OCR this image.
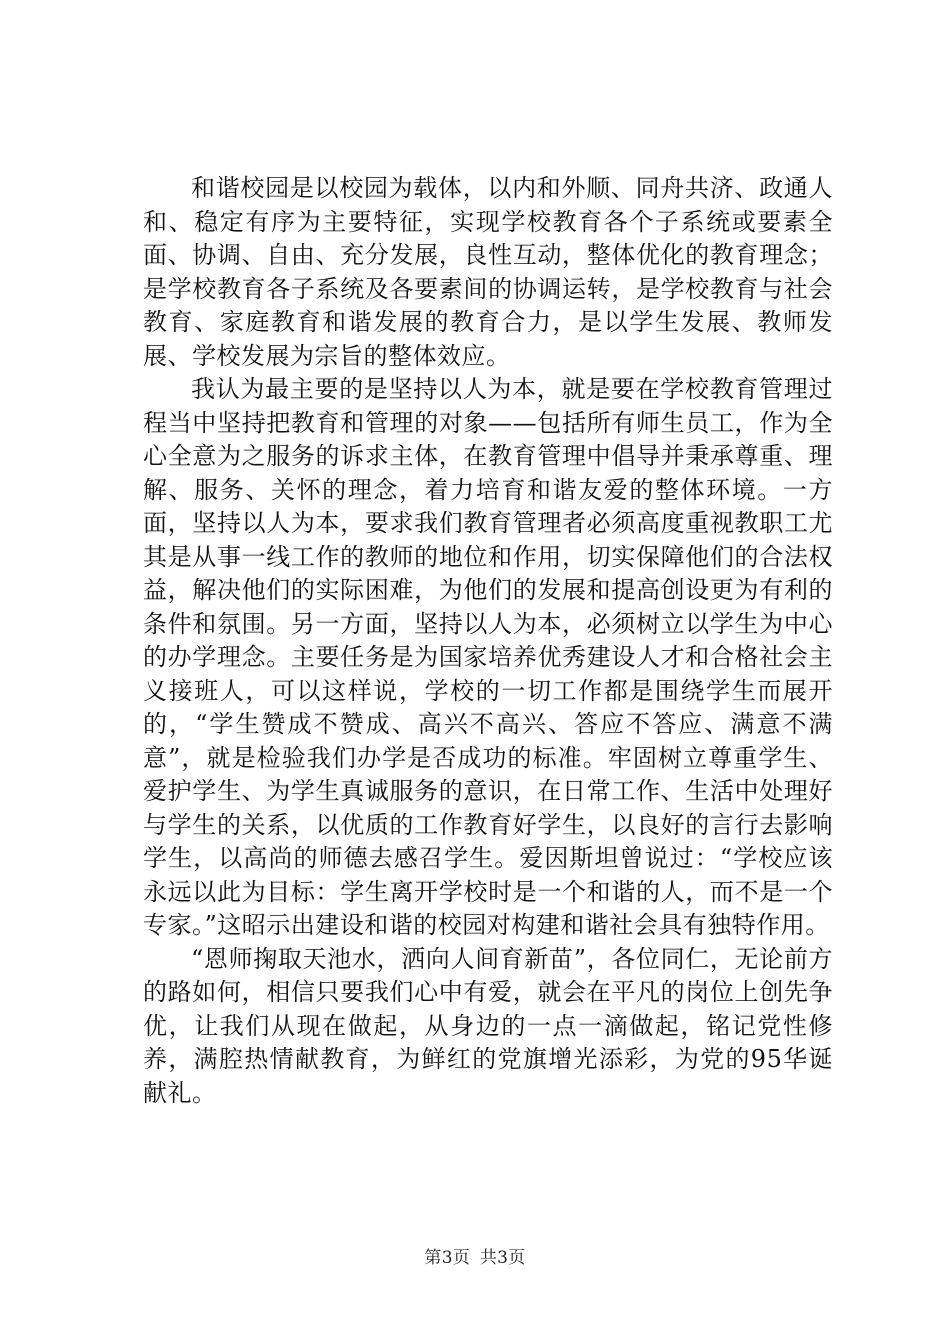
和谐校园是以校园为载体，以内和外顺、同舟共济、政通人和、稳定有序为主要特征，实现学校教育各个子系统或要素全面、协调、自由、充分发展，良性互动，整体优化的教育理念；是学校教育各子系统及各要素间的协调运转，是学校教育与社会教育、家庭教育和谐发展的教育合力，是以学生发展、教师发展、学校发展为宗旨的整体效应。

我认为最主要的是坚持以人为本，就是要在学校教育管理过程当中坚持把教育和管理的对象——包括所有师生员工，作为全心全意为之服务的诉求主体，在教育管理中倡导并秉承尊重、理解、服务、关怀的理念，着力培育和谐友爱的整体环境。一方面，坚持以人为本，要求我们教育管理者必须高度重视教职工尤其是从事一线工作的教师的地位和作用，切实保障他们的合法权益，解决他们的实际困难，为他们的发展和提高创设更为有利的条件和氛围。另一方面，坚持以人为本，必须树立以学生为中心的办学理念。主要任务是为国家培养优秀建设人才和合格社会主义接班人，可以这样说，学校的一切工作都是围绕学生而展开的，“学生赞成不赞成、高兴不高兴、答应不答应、满意不满意”，就是检验我们办学是否成功的标准。牢固树立尊重学生、爱护学生、为学生真诚服务的意识，在日常工作、生活中处理好与学生的关系，以优质的工作教育好学生，以良好的言行去影响学生，以高尚的师德去感召学生。爱因斯坦曾说过：“学校应该永远以此为目标：学生离开学校时是一个和谐的人，而不是一个专家。”这昭示出建设和谐的校园对构建和谐社会具有独特作用。

“恩师掬取天池水，洒向人间育新苗”，各位同仁，无论前方的路如何，相信只要我们心中有爱，就会在平凡的岗位上创先争优，让我们从现在做起，从身边的一点一滴做起，铭记党性修养，满腔热情献教育，为鲜红的党旗增光添彩，为党的95华诞献礼。

第3页 共3页
